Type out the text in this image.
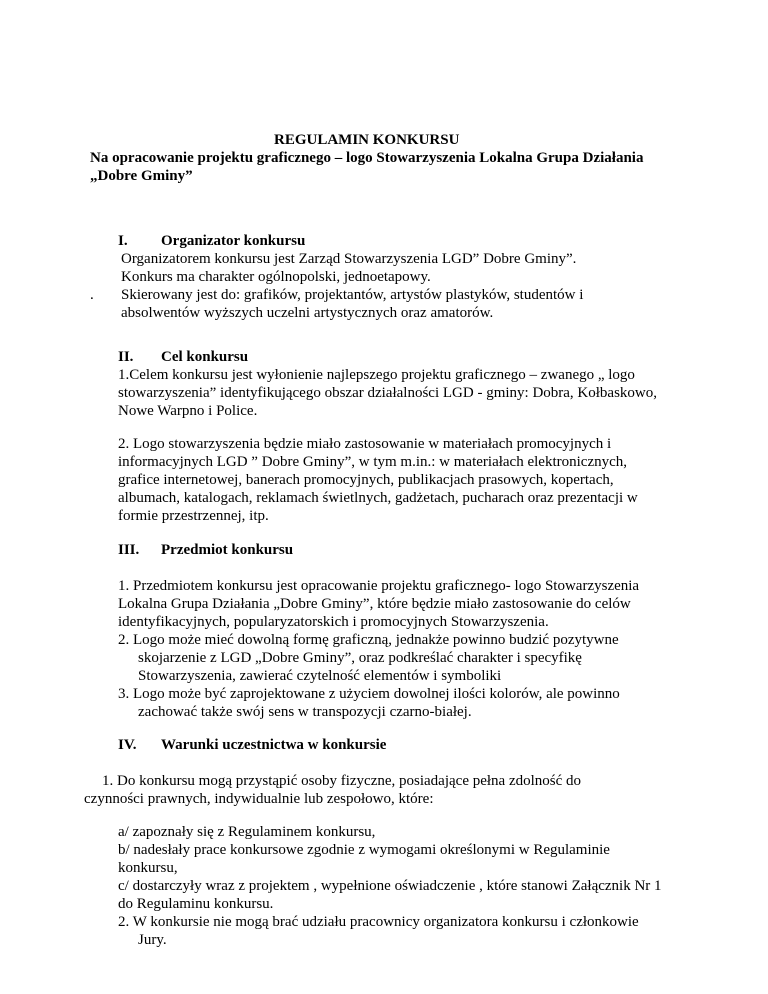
REGULAMIN KONKURSU
Na opracowanie projektu graficznego – logo Stowarzyszenia Lokalna Grupa Działania
„Dobre Gminy”
I. Organizator konkursu
Organizatorem konkursu jest Zarząd Stowarzyszenia LGD” Dobre Gminy”.
Konkurs ma charakter ogólnopolski, jednoetapowy.
. Skierowany jest do: grafików, projektantów, artystów plastyków, studentów i
absolwentów wyższych uczelni artystycznych oraz amatorów.
II. Cel konkursu
1.Celem konkursu jest wyłonienie najlepszego projektu graficznego – zwanego „ logo
stowarzyszenia” identyfikującego obszar działalności LGD - gminy: Dobra, Kołbaskowo,
Nowe Warpno i Police.
2. Logo stowarzyszenia będzie miało zastosowanie w materiałach promocyjnych i
informacyjnych LGD ” Dobre Gminy”, w tym m.in.: w materiałach elektronicznych,
grafice internetowej, banerach promocyjnych, publikacjach prasowych, kopertach,
albumach, katalogach, reklamach świetlnych, gadżetach, pucharach oraz prezentacji w
formie przestrzennej, itp.
III. Przedmiot konkursu
1. Przedmiotem konkursu jest opracowanie projektu graficznego- logo Stowarzyszenia
Lokalna Grupa Działania „Dobre Gminy”, które będzie miało zastosowanie do celów
identyfikacyjnych, popularyzatorskich i promocyjnych Stowarzyszenia.
2. Logo może mieć dowolną formę graficzną, jednakże powinno budzić pozytywne
skojarzenie z LGD „Dobre Gminy”, oraz podkreślać charakter i specyfikę
Stowarzyszenia, zawierać czytelność elementów i symboliki
3. Logo może być zaprojektowane z użyciem dowolnej ilości kolorów, ale powinno
zachować także swój sens w transpozycji czarno-białej.
IV. Warunki uczestnictwa w konkursie
1. Do konkursu mogą przystąpić osoby fizyczne, posiadające pełna zdolność do
czynności prawnych, indywidualnie lub zespołowo, które:
a/ zapoznały się z Regulaminem konkursu,
b/ nadesłały prace konkursowe zgodnie z wymogami określonymi w Regulaminie
konkursu,
c/ dostarczyły wraz z projektem , wypełnione oświadczenie , które stanowi Załącznik Nr 1
do Regulaminu konkursu.
2. W konkursie nie mogą brać udziału pracownicy organizatora konkursu i członkowie
Jury.
